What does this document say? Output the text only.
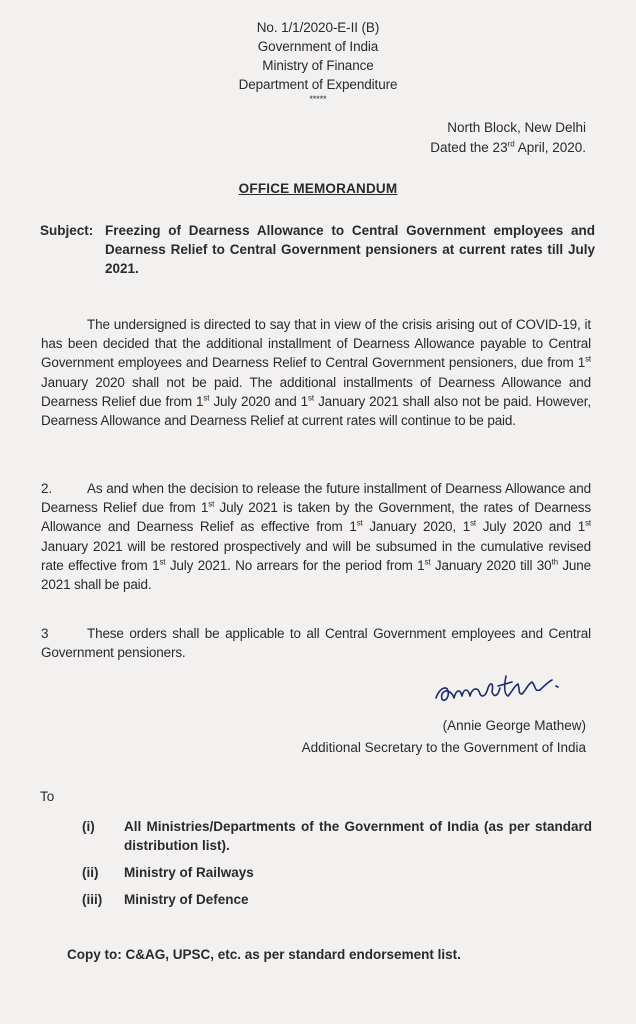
No. 1/1/2020-E-II (B)
Government of India
Ministry of Finance
Department of Expenditure
*****
North Block, New Delhi
Dated the 23rd April, 2020.
OFFICE MEMORANDUM
Subject: Freezing of Dearness Allowance to Central Government employees and Dearness Relief to Central Government pensioners at current rates till July 2021.
The undersigned is directed to say that in view of the crisis arising out of COVID-19, it has been decided that the additional installment of Dearness Allowance payable to Central Government employees and Dearness Relief to Central Government pensioners, due from 1st January 2020 shall not be paid. The additional installments of Dearness Allowance and Dearness Relief due from 1st July 2020 and 1st January 2021 shall also not be paid. However, Dearness Allowance and Dearness Relief at current rates will continue to be paid.
2.	As and when the decision to release the future installment of Dearness Allowance and Dearness Relief due from 1st July 2021 is taken by the Government, the rates of Dearness Allowance and Dearness Relief as effective from 1st January 2020, 1st July 2020 and 1st January 2021 will be restored prospectively and will be subsumed in the cumulative revised rate effective from 1st July 2021. No arrears for the period from 1st January 2020 till 30th June 2021 shall be paid.
3	These orders shall be applicable to all Central Government employees and Central Government pensioners.
(Annie George Mathew)
Additional Secretary to the Government of India
To
(i) All Ministries/Departments of the Government of India (as per standard distribution list).
(ii) Ministry of Railways
(iii) Ministry of Defence
Copy to: C&AG, UPSC, etc. as per standard endorsement list.
